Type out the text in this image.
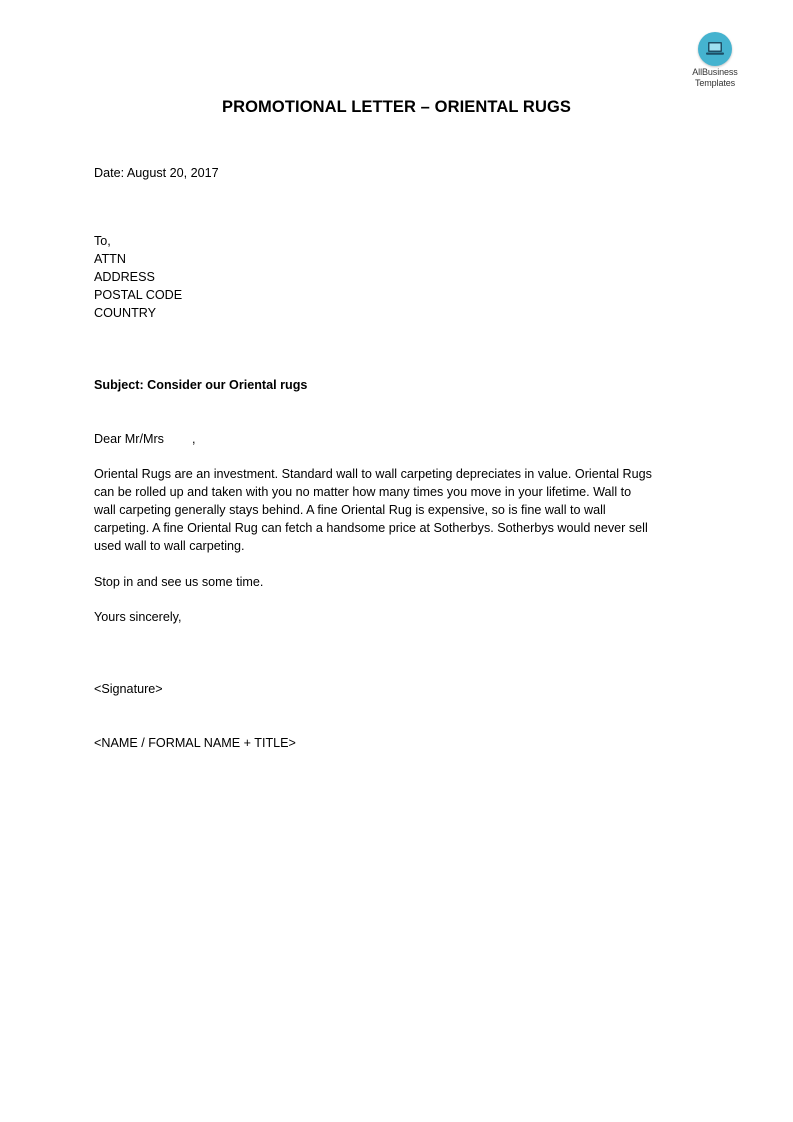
AllBusiness
Templates
PROMOTIONAL LETTER – ORIENTAL RUGS
Date: August 20, 2017
To,
ATTN
ADDRESS
POSTAL CODE
COUNTRY
Subject: Consider our Oriental rugs
Dear Mr/Mrs        ,
Oriental Rugs are an investment. Standard wall to wall carpeting depreciates in value. Oriental Rugs
can be rolled up and taken with you no matter how many times you move in your lifetime. Wall to
wall carpeting generally stays behind. A fine Oriental Rug is expensive, so is fine wall to wall
carpeting. A fine Oriental Rug can fetch a handsome price at Sotherbys. Sotherbys would never sell
used wall to wall carpeting.
Stop in and see us some time.
Yours sincerely,
<Signature>
<NAME / FORMAL NAME + TITLE>
